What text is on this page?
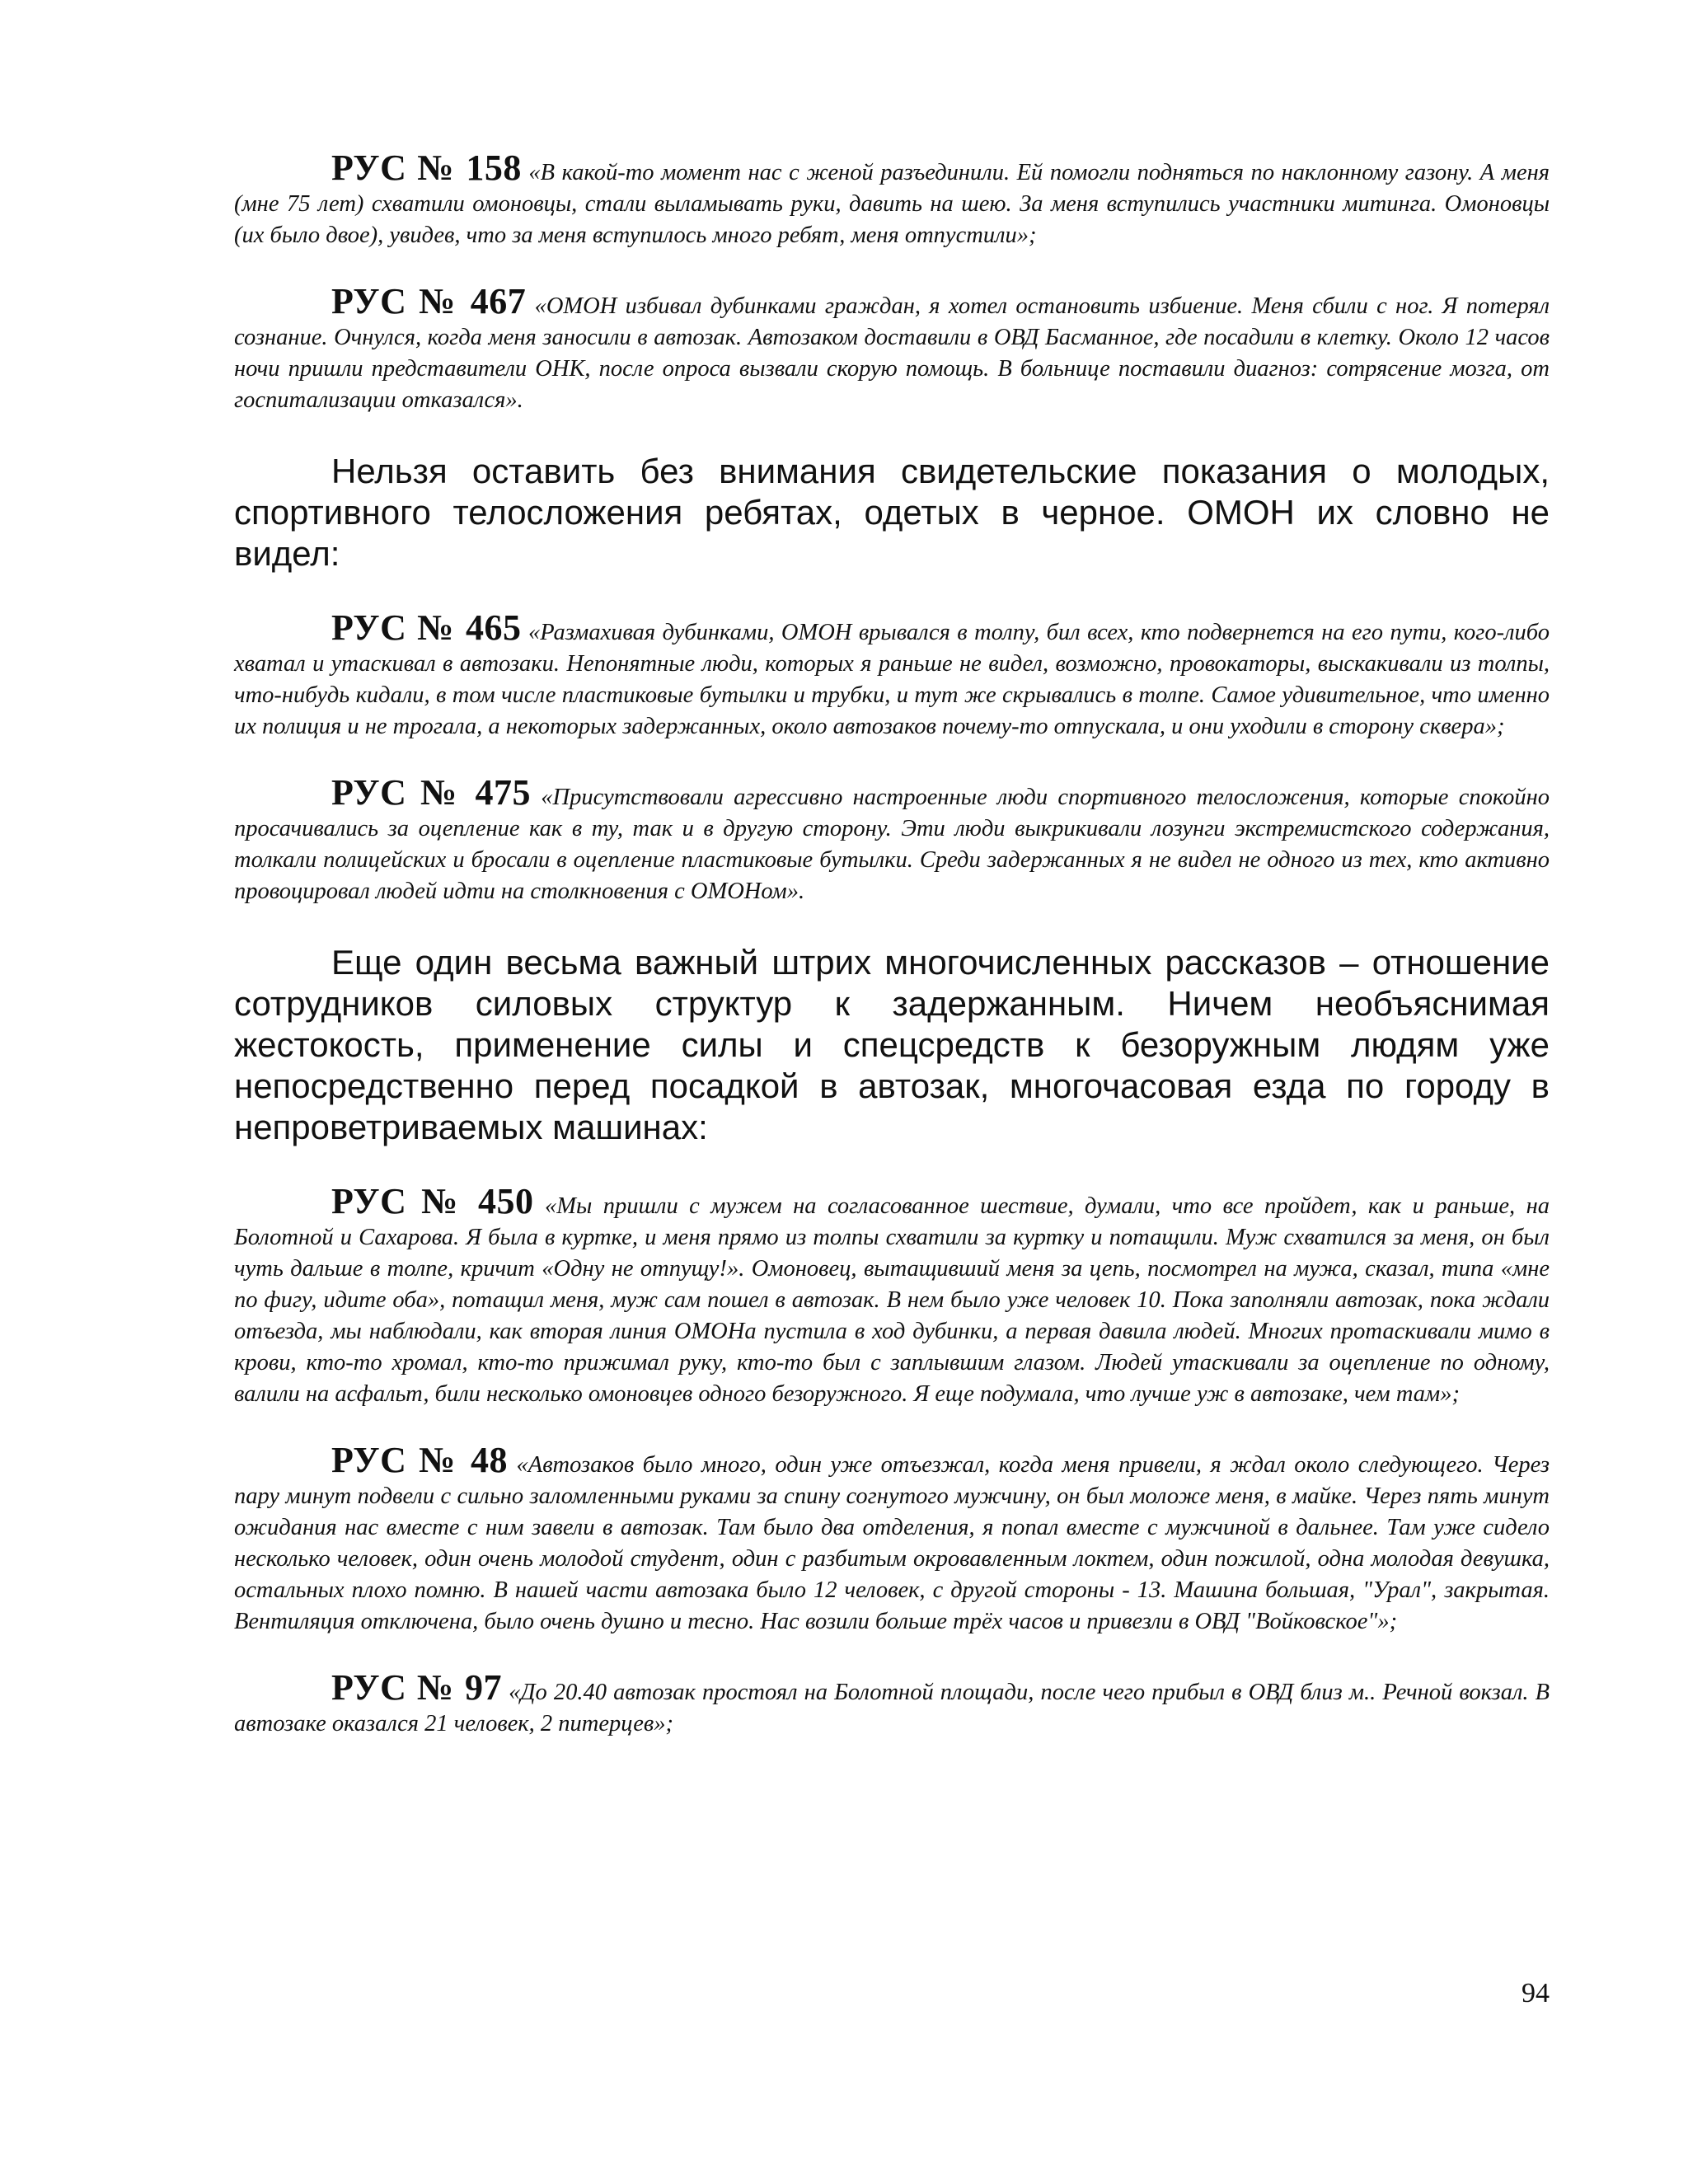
РУС № 158 «В какой-то момент нас с женой разъединили. Ей помогли подняться по наклонному газону. А меня (мне 75 лет) схватили омоновцы, стали выламывать руки, давить на шею. За меня вступились участники митинга. Омоновцы (их было двое), увидев, что за меня вступилось много ребят, меня отпустили»;

РУС № 467 «ОМОН избивал дубинками граждан, я хотел остановить избиение. Меня сбили с ног. Я потерял сознание. Очнулся, когда меня заносили в автозак. Автозаком доставили в ОВД Басманное, где посадили в клетку. Около 12 часов ночи пришли представители ОНК, после опроса вызвали скорую помощь. В больнице поставили диагноз: сотрясение мозга, от госпитализации отказался».

Нельзя оставить без внимания свидетельские показания о молодых, спортивного телосложения ребятах, одетых в черное. ОМОН их словно не видел:

РУС № 465 «Размахивая дубинками, ОМОН врывался в толпу, бил всех, кто подвернется на его пути, кого-либо хватал и утаскивал в автозаки. Непонятные люди, которых я раньше не видел, возможно, провокаторы, выскакивали из толпы, что-нибудь кидали, в том числе пластиковые бутылки и трубки, и тут же скрывались в толпе. Самое удивительное, что именно их полиция и не трогала, а некоторых задержанных, около автозаков почему-то отпускала, и они уходили в сторону сквера»;

РУС № 475 «Присутствовали агрессивно настроенные люди спортивного телосложения, которые спокойно просачивались за оцепление как в ту, так и в другую сторону. Эти люди выкрикивали лозунги экстремистского содержания, толкали полицейских и бросали в оцепление пластиковые бутылки. Среди задержанных я не видел не одного из тех, кто активно провоцировал людей идти на столкновения с ОМОНом».

Еще один весьма важный штрих многочисленных рассказов – отношение сотрудников силовых структур к задержанным. Ничем необъяснимая жестокость, применение силы и спецсредств к безоружным людям уже непосредственно перед посадкой в автозак, многочасовая езда по городу в непроветриваемых машинах:

РУС № 450 «Мы пришли с мужем на согласованное шествие, думали, что все пройдет, как и раньше, на Болотной и Сахарова. Я была в куртке, и меня прямо из толпы схватили за куртку и потащили. Муж схватился за меня, он был чуть дальше в толпе, кричит «Одну не отпущу!». Омоновец, вытащивший меня за цепь, посмотрел на мужа, сказал, типа «мне по фигу, идите оба», потащил меня, муж сам пошел в автозак. В нем было уже человек 10. Пока заполняли автозак, пока ждали отъезда, мы наблюдали, как вторая линия ОМОНа пустила в ход дубинки, а первая давила людей. Многих протаскивали мимо в крови, кто-то хромал, кто-то прижимал руку, кто-то был с заплывшим глазом. Людей утаскивали за оцепление по одному, валили на асфальт, били несколько омоновцев одного безоружного. Я еще подумала, что лучше уж в автозаке, чем там»;

РУС № 48 «Автозаков было много, один уже отъезжал, когда меня привели, я ждал около следующего. Через пару минут подвели с сильно заломленными руками за спину согнутого мужчину, он был моложе меня, в майке. Через пять минут ожидания нас вместе с ним завели в автозак. Там было два отделения, я попал вместе с мужчиной в дальнее. Там уже сидело несколько человек, один очень молодой студент, один с разбитым окровавленным локтем, один пожилой, одна молодая девушка, остальных плохо помню. В нашей части автозака было 12 человек, с другой стороны - 13. Машина большая, "Урал", закрытая. Вентиляция отключена, было очень душно и тесно. Нас возили больше трёх часов и привезли в ОВД "Войковское"»;

РУС № 97 «До 20.40 автозак простоял на Болотной площади, после чего прибыл в ОВД близ м.. Речной вокзал. В автозаке оказался 21 человек, 2 питерцев»;

94
